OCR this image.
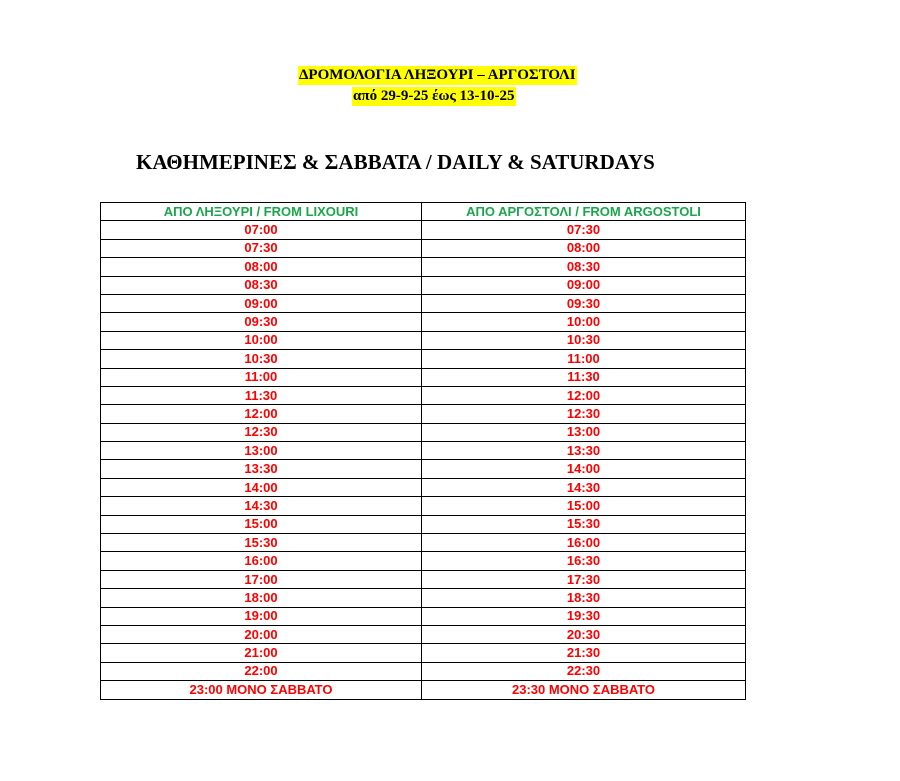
ΔΡΟΜΟΛΟΓΙΑ ΛΗΞΟΥΡΙ – ΑΡΓΟΣΤΟΛΙ
από 29-9-25 έως 13-10-25
ΚΑΘΗΜΕΡΙΝΕΣ & ΣΑΒΒΑΤΑ / DAILY & SATURDAYS
ΑΠΟ ΛΗΞΟΥΡΙ / FROM LIXOURI	ΑΠΟ ΑΡΓΟΣΤΟΛΙ / FROM ARGOSTOLI
07:00	07:30
07:30	08:00
08:00	08:30
08:30	09:00
09:00	09:30
09:30	10:00
10:00	10:30
10:30	11:00
11:00	11:30
11:30	12:00
12:00	12:30
12:30	13:00
13:00	13:30
13:30	14:00
14:00	14:30
14:30	15:00
15:00	15:30
15:30	16:00
16:00	16:30
17:00	17:30
18:00	18:30
19:00	19:30
20:00	20:30
21:00	21:30
22:00	22:30
23:00 ΜΟΝΟ ΣΑΒΒΑΤΟ	23:30 ΜΟΝΟ ΣΑΒΒΑΤΟ
